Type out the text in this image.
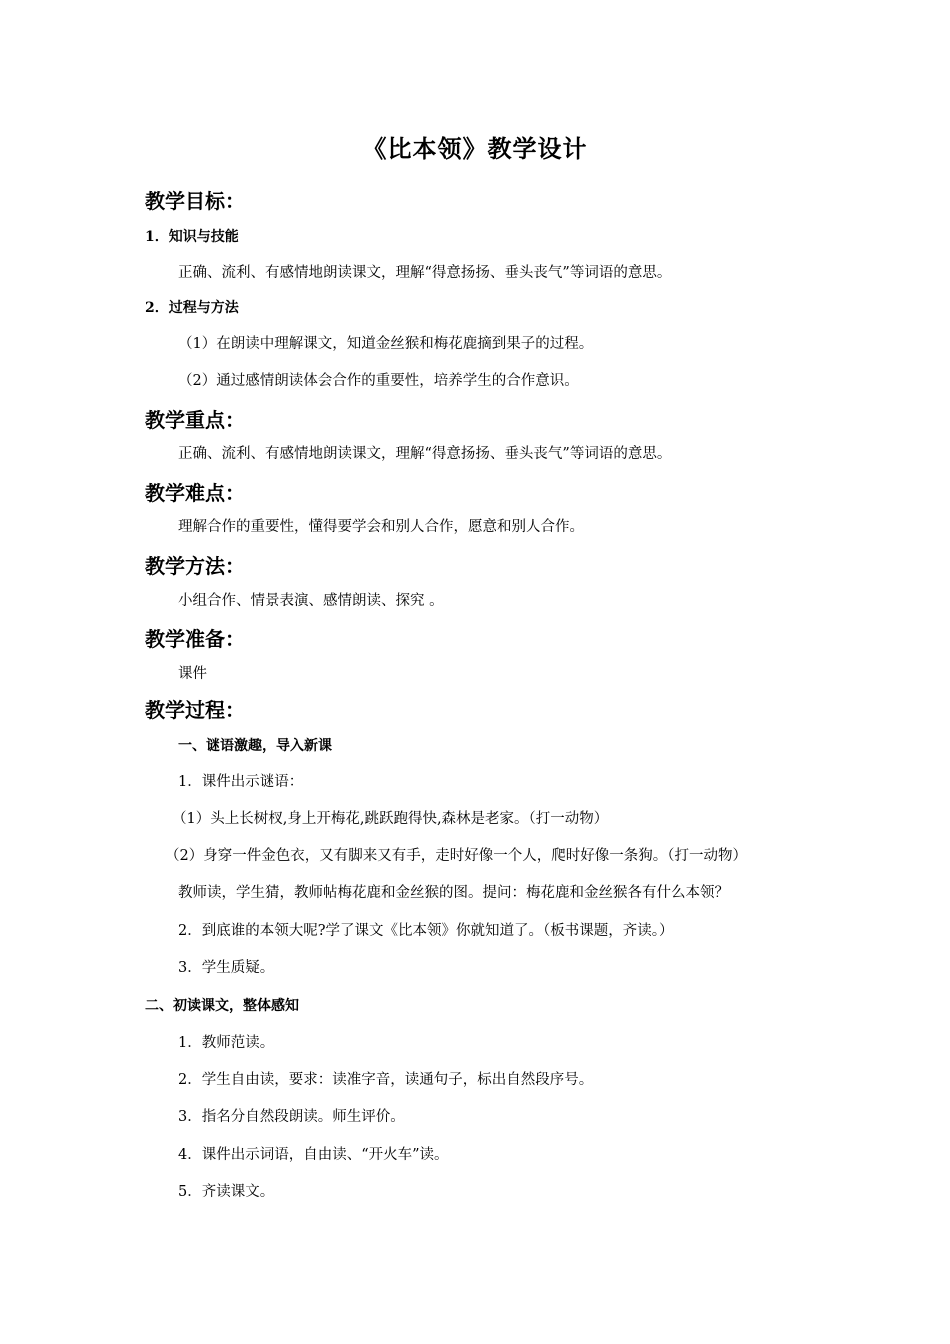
《比本领》教学设计
教学目标：
1．知识与技能
正确、流利、有感情地朗读课文，理解“得意扬扬、垂头丧气”等词语的意思。
2．过程与方法
（1）在朗读中理解课文，知道金丝猴和梅花鹿摘到果子的过程。
（2）通过感情朗读体会合作的重要性，培养学生的合作意识。
教学重点：
正确、流利、有感情地朗读课文，理解“得意扬扬、垂头丧气”等词语的意思。
教学难点：
理解合作的重要性，懂得要学会和别人合作，愿意和别人合作。
教学方法：
小组合作、情景表演、感情朗读、探究 。
教学准备：
课件
教学过程：
一、谜语激趣，导入新课
1．课件出示谜语：
（1）头上长树杈,身上开梅花,跳跃跑得快,森林是老家。（打一动物）
（2）身穿一件金色衣，又有脚来又有手，走时好像一个人，爬时好像一条狗。（打一动物）
教师读，学生猜，教师帖梅花鹿和金丝猴的图。提问：梅花鹿和金丝猴各有什么本领？
2．到底谁的本领大呢?学了课文《比本领》你就知道了。（板书课题，齐读。）
3．学生质疑。
二、初读课文，整体感知
1．教师范读。
2．学生自由读，要求：读准字音，读通句子，标出自然段序号。
3．指名分自然段朗读。师生评价。
4．课件出示词语，自由读、“开火车”读。
5．齐读课文。
